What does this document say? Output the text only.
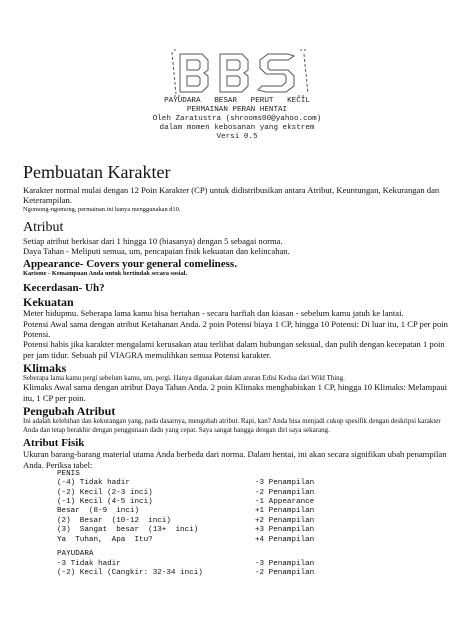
PAYUDARA   BESAR   PERUT   KECIL
PERMAINAN PERAN HENTAI
Oleh Zaratustra (shrooms00@yahoo.com)
dalam momen kebosanan yang ekstrem
Versi 0.5
Pembuatan Karakter

Karakter normal mulai dengan 12 Poin Karakter (CP) untuk didistribusikan antara Atribut, Keuntungan, Kekurangan dan Keterampilan.

Ngomong-ngomong, permainan ini hanya menggunakan d10.

Atribut

Setiap atribut berkisar dari 1 hingga 10 (biasanya) dengan 5 sebagai norma.

Daya Tahan - Meliputi semua, um, pencapaian fisik kekuatan dan kelincahan.

Appearance- Covers your general comeliness.

Karisme - Kemampuan Anda untuk bertindak secara sosial.

Kecerdasan- Uh?
Kekuatan

Meter hidupmu. Seberapa lama kamu bisa bertahan - secara harfiah dan kiasan - sebelum kamu jatuh ke lantai.

Potensi Awal sama dengan atribut Ketahanan Anda. 2 poin Potensi biaya 1 CP, hingga 10 Potensi: Di luar itu, 1 CP per poin Potensi.

Potensi habis jika karakter mengalami kerusakan atau terlibat dalam hubungan seksual, dan pulih dengan kecepatan 1 poin per jam tidur. Sebuah pil VIAGRA memulihkan semua Potensi karakter.

Klimaks

Seberapa lama kamu pergi sebelum kamu, um, pergi. Hanya digunakan dalam aturan Edisi Kedua dari Wild Thing.

Klimaks Awal sama dengan atribut Daya Tahan Anda. 2 poin Klimaks menghabiskan 1 CP, hingga 10 Klimaks: Melampaui itu, 1 CP per poin.

Pengubah Atribut

Ini adalah kelebihan dan kekurangan yang, pada dasarnya, mengubah atribut. Rapi, kan? Anda bisa menjadi cukup spesifik dengan deskripsi karakter Anda dan tetap berakhir dengan penggunaan dadu yang cepat. Saya sangat bangga dengan diri saya sekarang.

Atribut Fisik

Ukuran barang-barang material utama Anda berbeda dari norma. Dalam hentai, ini akan secara signifikan ubah penampilan Anda. Periksa tabel:

PENIS
(-4) Tidak hadir	-3 Penampilan
(-2) Kecil (2-3 inci)	-2 Penampilan
(-1) Kecil (4-5 inci)	-1 Appearance
Besar  (8-9  inci)	+1 Penampilan
(2)  Besar  (10-12  inci)	+2 Penampilan
(3)  Sangat  besar  (13+  inci)	+3 Penampilan
Ya  Tuhan,  Apa  Itu?	+4 Penampilan
PAYUDARA
-3 Tidak hadir	-3 Penampilan
(-2) Kecil (Cangkir: 32-34 inci)	-2 Penampilan
